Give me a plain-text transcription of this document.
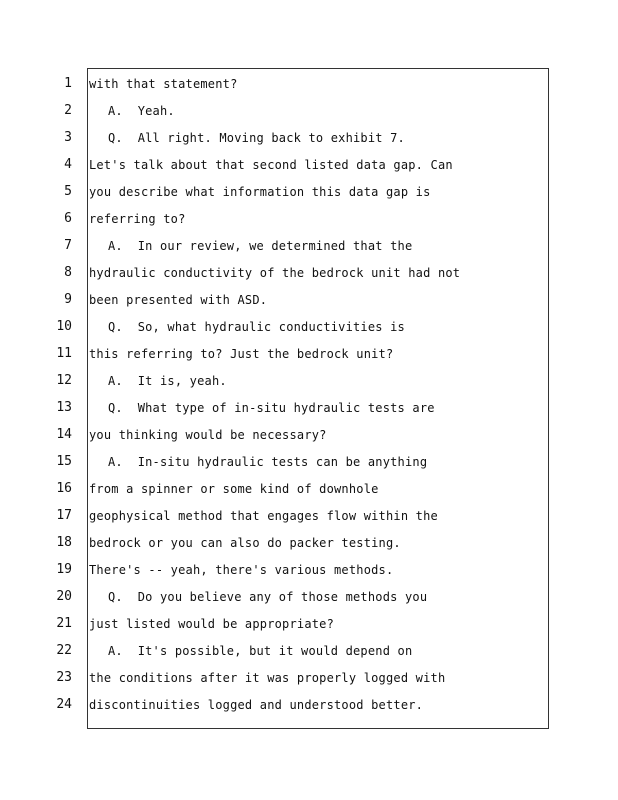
1 with that statement?
2	A.  Yeah.
3	Q.  All right. Moving back to exhibit 7.
4 Let's talk about that second listed data gap. Can
5 you describe what information this data gap is
6 referring to?
7	A.  In our review, we determined that the
8 hydraulic conductivity of the bedrock unit had not
9 been presented with ASD.
10	Q.  So, what hydraulic conductivities is
11 this referring to? Just the bedrock unit?
12	A.  It is, yeah.
13	Q.  What type of in-situ hydraulic tests are
14 you thinking would be necessary?
15	A.  In-situ hydraulic tests can be anything
16 from a spinner or some kind of downhole
17 geophysical method that engages flow within the
18 bedrock or you can also do packer testing.
19 There's -- yeah, there's various methods.
20	Q.  Do you believe any of those methods you
21 just listed would be appropriate?
22	A.  It's possible, but it would depend on
23 the conditions after it was properly logged with
24 discontinuities logged and understood better.
